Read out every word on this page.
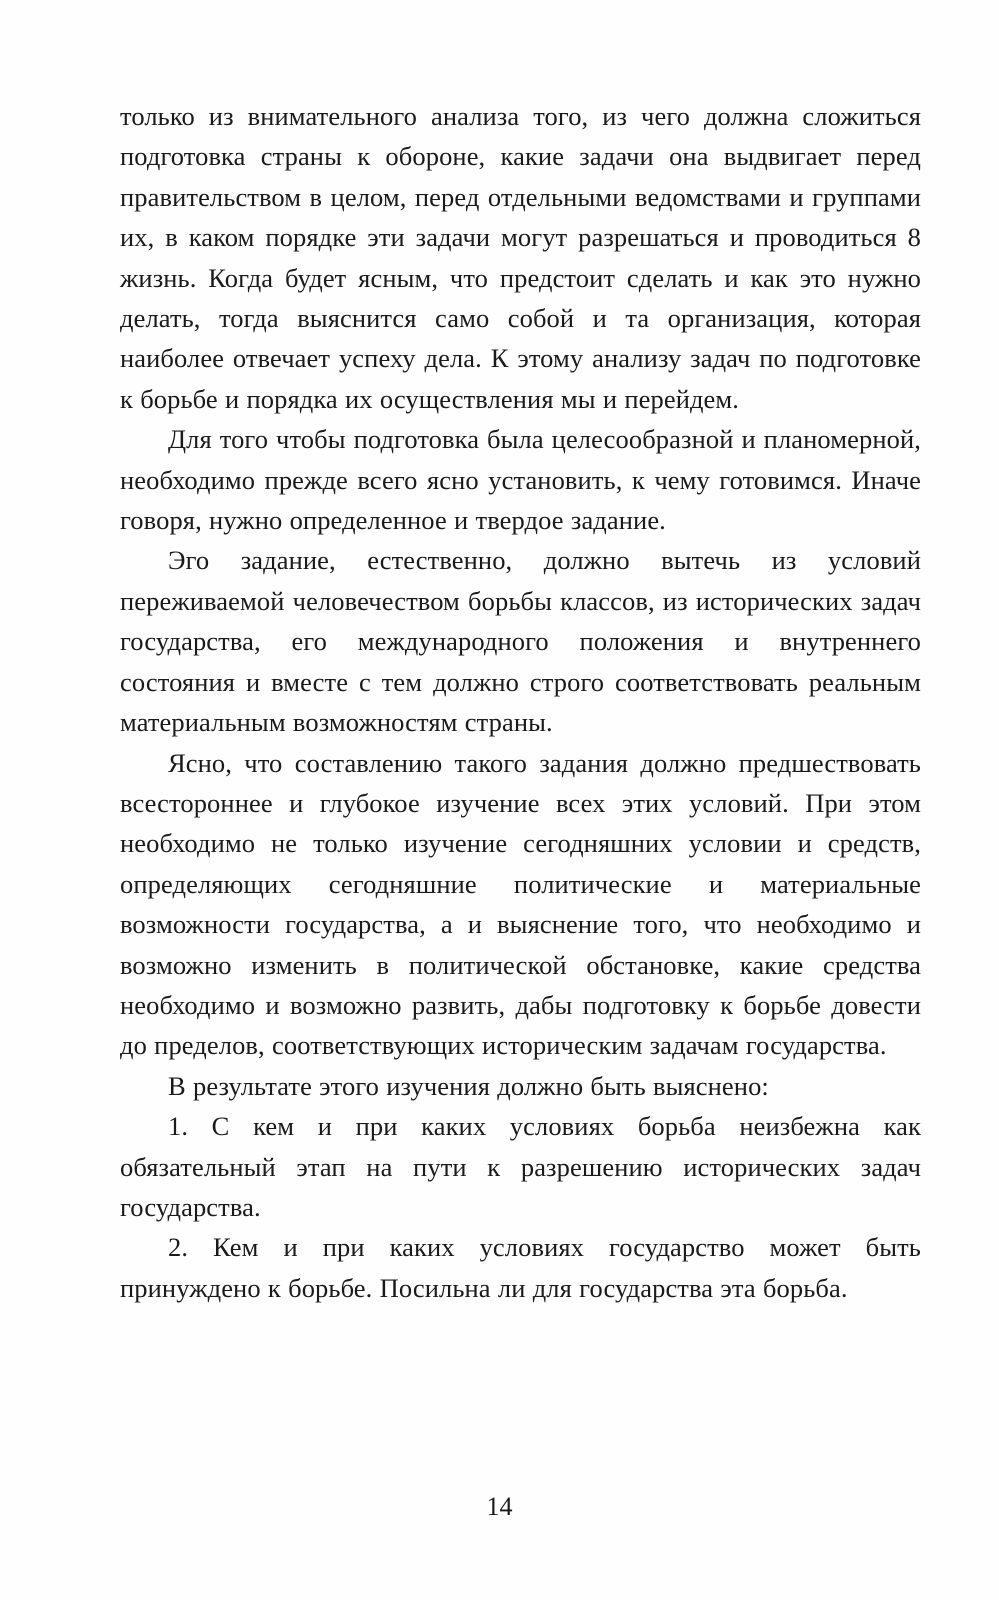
только из внимательного анализа того, из чего должна сложиться подготовка страны к обороне, какие задачи она выдвигает перед правительством в целом, перед отдельными ведомствами и группами их, в каком порядке эти задачи могут разрешаться и проводиться 8 жизнь. Когда будет ясным, что предстоит сделать и как это нужно делать, тогда выяснится само собой и та организация, которая наиболее отвечает успеху дела. К этому анализу задач по подготовке к борьбе и порядка их осуществления мы и перейдем.

Для того чтобы подготовка была целесообразной и планомерной, необходимо прежде всего ясно установить, к чему готовимся. Иначе говоря, нужно определенное и твердое задание.

Эго задание, естественно, должно вытечь из условий переживаемой человечеством борьбы классов, из исторических задач государства, его международного положения и внутреннего состояния и вместе с тем должно строго соответствовать реальным материальным возможностям страны.

Ясно, что составлению такого задания должно предшествовать всестороннее и глубокое изучение всех этих условий. При этом необходимо не только изучение сегодняшних условии и средств, определяющих сегодняшние политические и материальные возможности государства, а и выяснение того, что необходимо и возможно изменить в политической обстановке, какие средства необходимо и возможно развить, дабы подготовку к борьбе довести до пределов, соответствующих историческим задачам государства.

В результате этого изучения должно быть выяснено:

1. С кем и при каких условиях борьба неизбежна как обязательный этап на пути к разрешению исторических задач государства.

2. Кем и при каких условиях государство может быть принуждено к борьбе. Посильна ли для государства эта борьба.

14
